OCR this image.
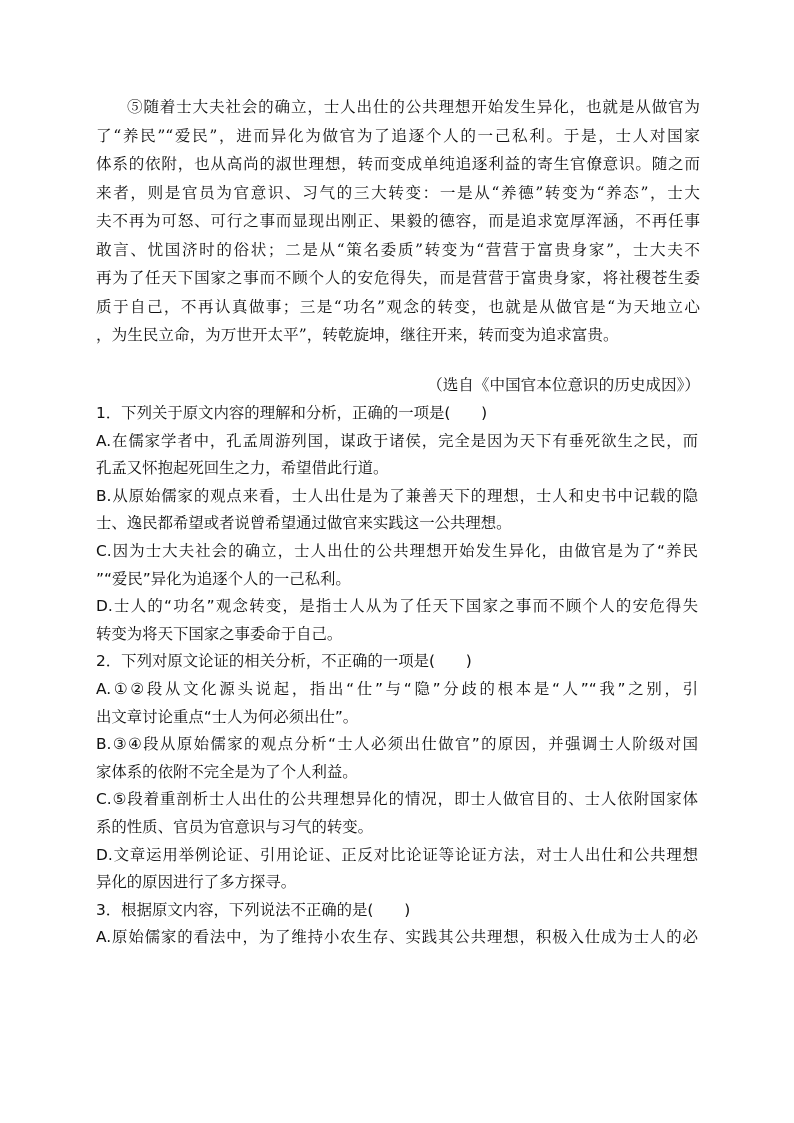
⑤随着士大夫社会的确立，士人出仕的公共理想开始发生异化，也就是从做官为
了“养民”“爱民”，进而异化为做官为了追逐个人的一己私利。于是，士人对国家
体系的依附，也从高尚的淑世理想，转而变成单纯追逐利益的寄生官僚意识。随之而
来者，则是官员为官意识、习气的三大转变：一是从“养德”转变为“养态”，士大
夫不再为可怒、可行之事而显现出刚正、果毅的德容，而是追求宽厚浑涵，不再任事
敢言、忧国济时的俗状；二是从“策名委质”转变为“营营于富贵身家”，士大夫不
再为了任天下国家之事而不顾个人的安危得失，而是营营于富贵身家，将社稷苍生委
质于自己，不再认真做事；三是“功名”观念的转变，也就是从做官是“为天地立心
，为生民立命，为万世开太平”，转乾旋坤，继往开来，转而变为追求富贵。
（选自《中国官本位意识的历史成因》）
1．下列关于原文内容的理解和分析，正确的一项是(　　)
A.在儒家学者中，孔孟周游列国，谋政于诸侯，完全是因为天下有垂死欲生之民，而
孔孟又怀抱起死回生之力，希望借此行道。
B.从原始儒家的观点来看，士人出仕是为了兼善天下的理想，士人和史书中记载的隐
士、逸民都希望或者说曾希望通过做官来实践这一公共理想。
C.因为士大夫社会的确立，士人出仕的公共理想开始发生异化，由做官是为了“养民
”“爱民”异化为追逐个人的一己私利。
D.士人的“功名”观念转变，是指士人从为了任天下国家之事而不顾个人的安危得失
转变为将天下国家之事委命于自己。
2．下列对原文论证的相关分析，不正确的一项是(　　)
A.①②段从文化源头说起，指出“仕”与“隐”分歧的根本是“人”“我”之别，引
出文章讨论重点“士人为何必须出仕”。
B.③④段从原始儒家的观点分析“士人必须出仕做官”的原因，并强调士人阶级对国
家体系的依附不完全是为了个人利益。
C.⑤段着重剖析士人出仕的公共理想异化的情况，即士人做官目的、士人依附国家体
系的性质、官员为官意识与习气的转变。
D.文章运用举例论证、引用论证、正反对比论证等论证方法，对士人出仕和公共理想
异化的原因进行了多方探寻。
3．根据原文内容，下列说法不正确的是(　　)
A.原始儒家的看法中，为了维持小农生存、实践其公共理想，积极入仕成为士人的必
